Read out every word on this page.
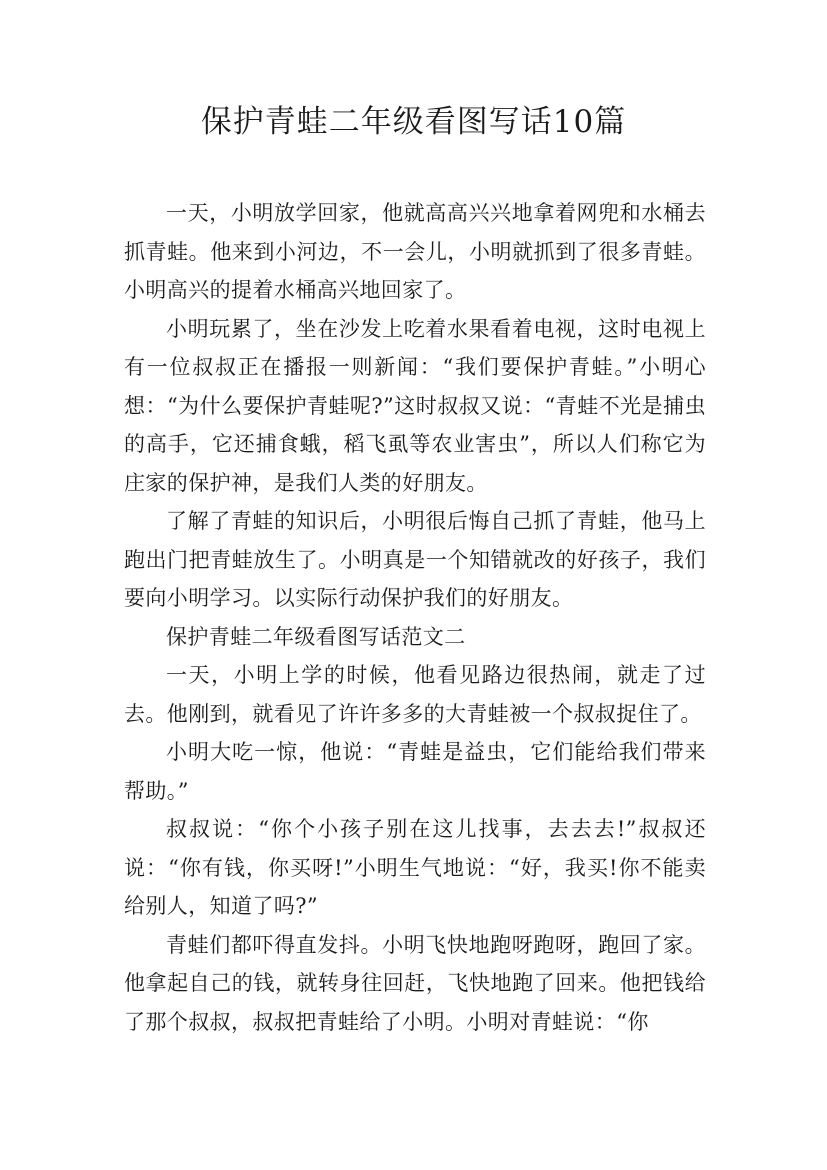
保护青蛙二年级看图写话10篇

一天，小明放学回家，他就高高兴兴地拿着网兜和水桶去抓青蛙。他来到小河边，不一会儿，小明就抓到了很多青蛙。小明高兴的提着水桶高兴地回家了。

小明玩累了，坐在沙发上吃着水果看着电视，这时电视上有一位叔叔正在播报一则新闻：“我们要保护青蛙。”小明心想：“为什么要保护青蛙呢?”这时叔叔又说：“青蛙不光是捕虫的高手，它还捕食蛾，稻飞虱等农业害虫”，所以人们称它为庄家的保护神，是我们人类的好朋友。

了解了青蛙的知识后，小明很后悔自己抓了青蛙，他马上跑出门把青蛙放生了。小明真是一个知错就改的好孩子，我们要向小明学习。以实际行动保护我们的好朋友。

保护青蛙二年级看图写话范文二

一天，小明上学的时候，他看见路边很热闹，就走了过去。他刚到，就看见了许许多多的大青蛙被一个叔叔捉住了。

小明大吃一惊，他说：“青蛙是益虫，它们能给我们带来帮助。”

叔叔说：“你个小孩子别在这儿找事，去去去!”叔叔还说：“你有钱，你买呀!”小明生气地说：“好，我买!你不能卖给别人，知道了吗?”

青蛙们都吓得直发抖。小明飞快地跑呀跑呀，跑回了家。他拿起自己的钱，就转身往回赶，飞快地跑了回来。他把钱给了那个叔叔，叔叔把青蛙给了小明。小明对青蛙说：“你
